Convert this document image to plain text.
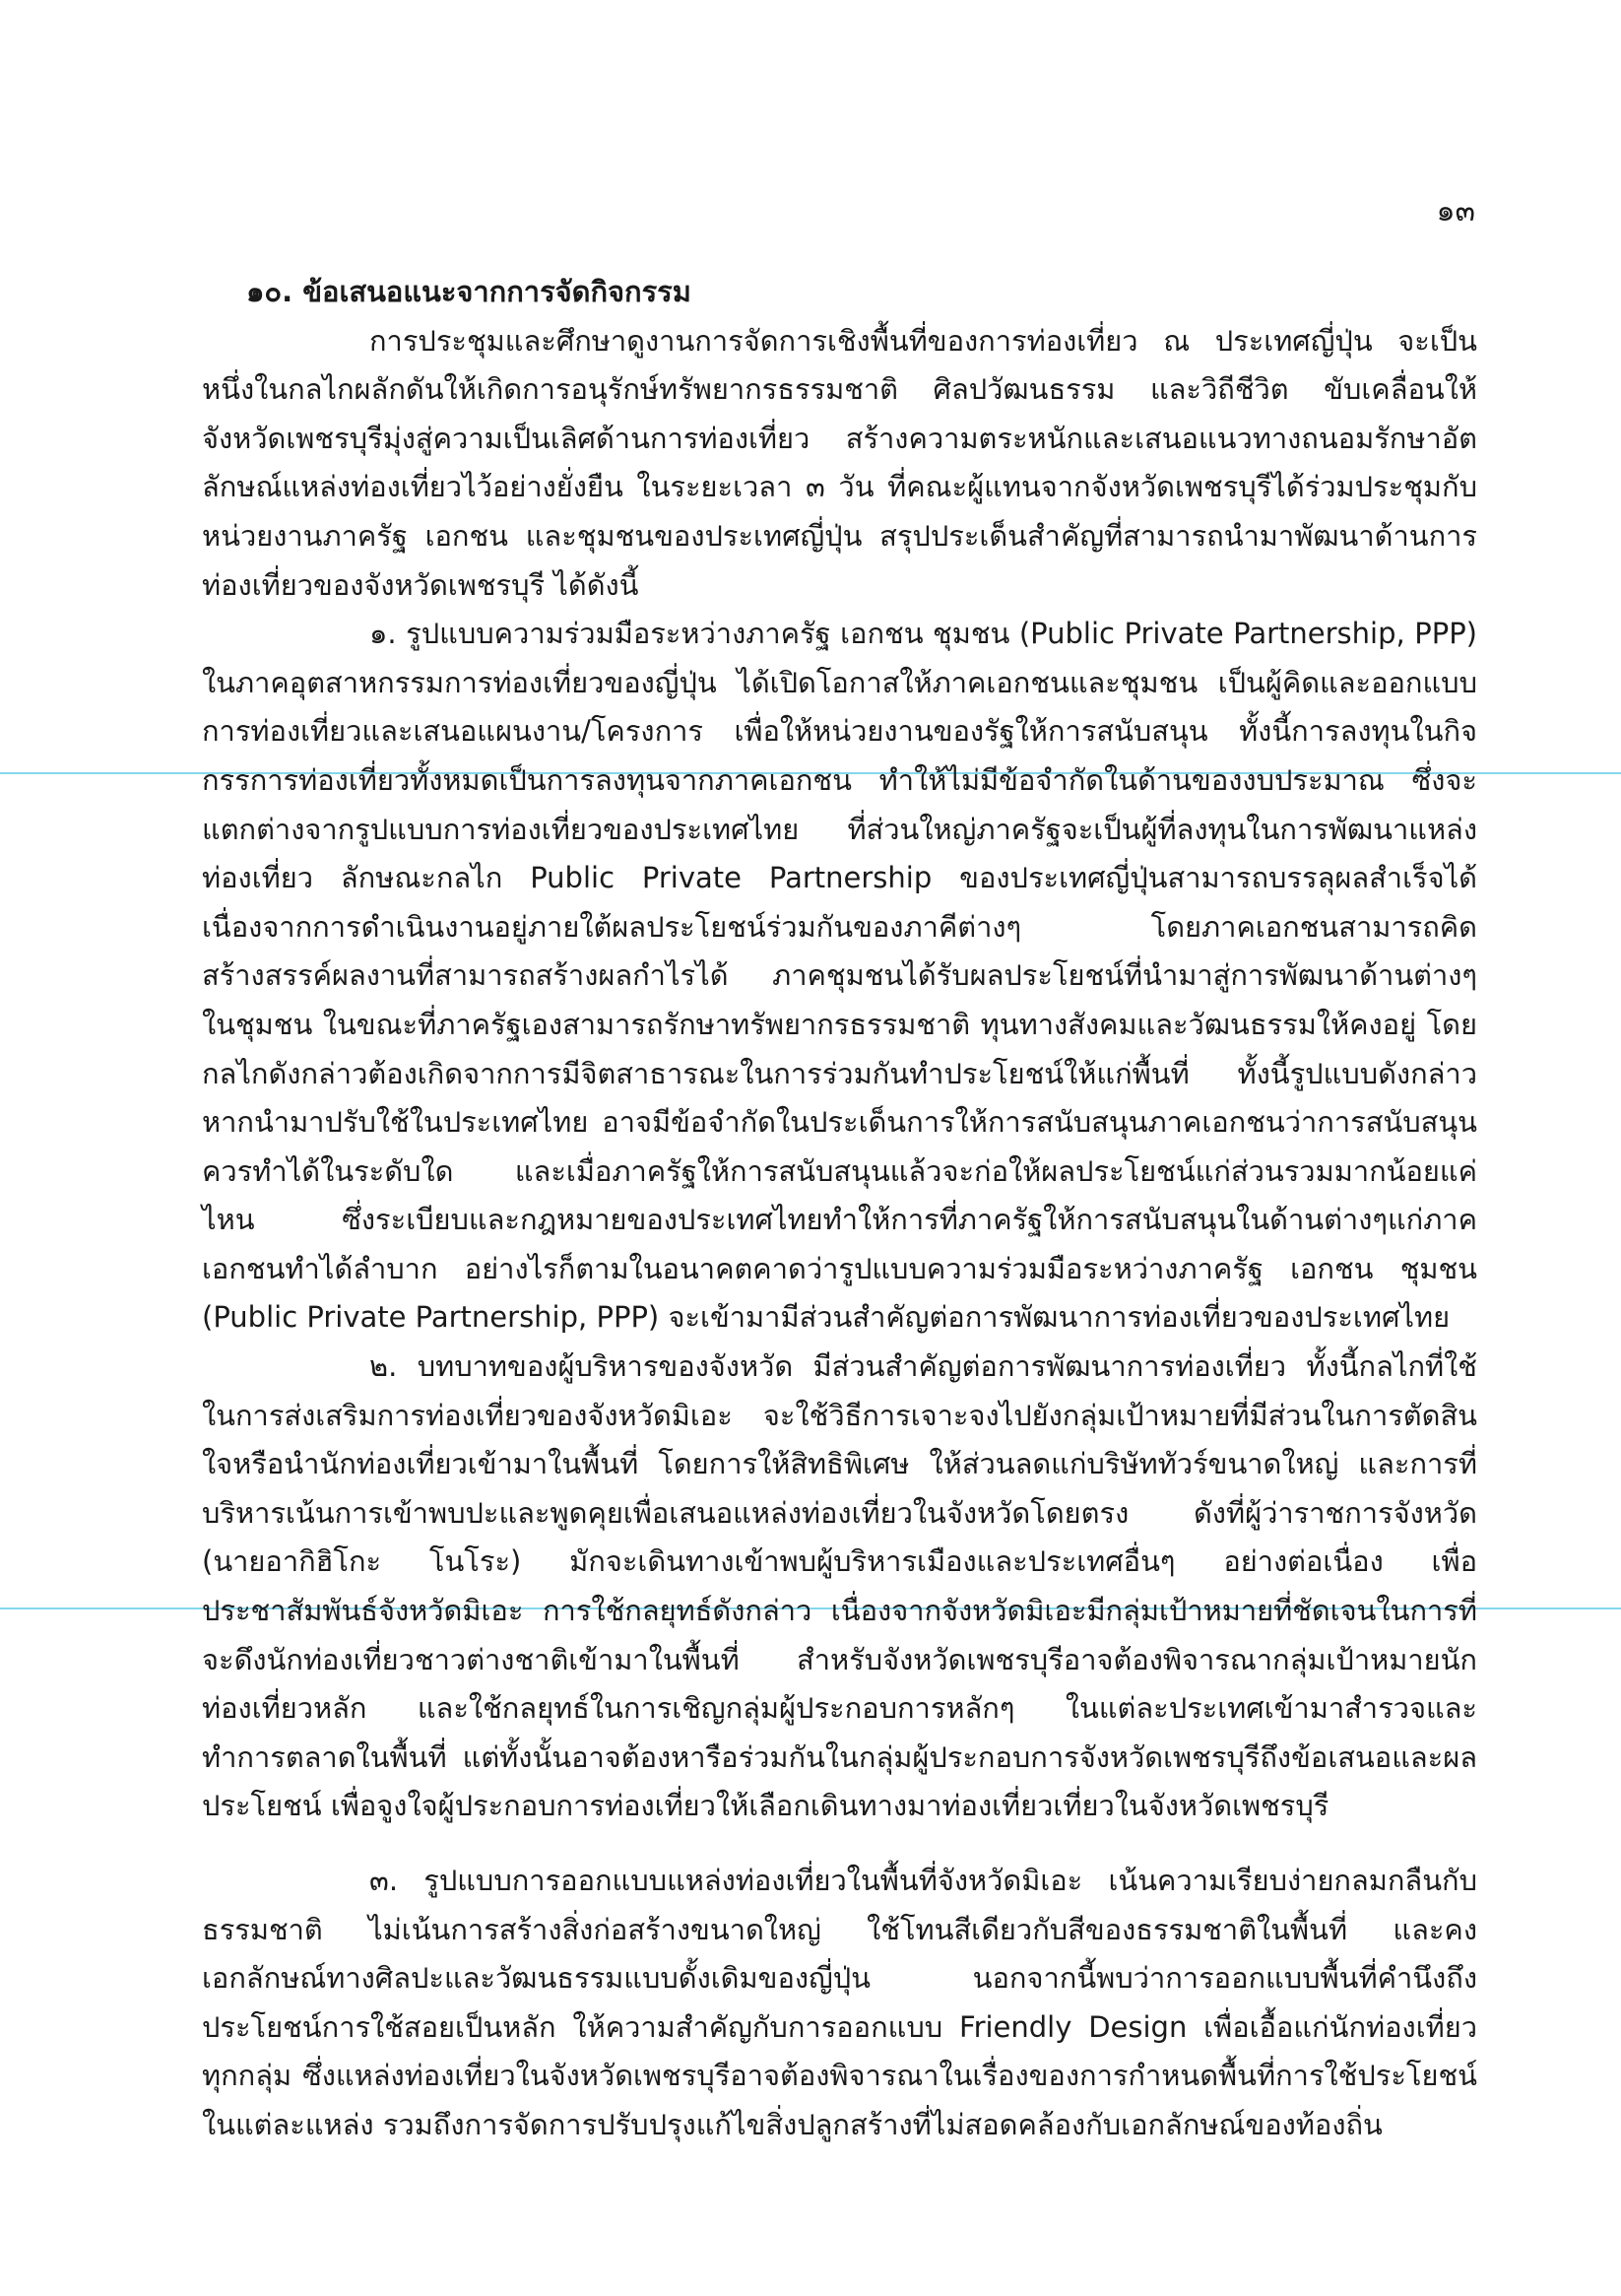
๑๓

๑๐. ข้อเสนอแนะจากการจัดกิจกรรม

การประชุมและศึกษาดูงานการจัดการเชิงพื้นที่ของการท่องเที่ยว ณ ประเทศญี่ปุ่น จะเป็นหนึ่งในกลไกผลักดันให้เกิดการอนุรักษ์ทรัพยากรธรรมชาติ ศิลปวัฒนธรรม และวิถีชีวิต ขับเคลื่อนให้จังหวัดเพชรบุรีมุ่งสู่ความเป็นเลิศด้านการท่องเที่ยว สร้างความตระหนักและเสนอแนวทางถนอมรักษาอัตลักษณ์แหล่งท่องเที่ยวไว้อย่างยั่งยืน ในระยะเวลา ๓ วัน ที่คณะผู้แทนจากจังหวัดเพชรบุรีได้ร่วมประชุมกับหน่วยงานภาครัฐ เอกชน และชุมชนของประเทศญี่ปุ่น สรุปประเด็นสำคัญที่สามารถนำมาพัฒนาด้านการท่องเที่ยวของจังหวัดเพชรบุรี ได้ดังนี้

๑. รูปแบบความร่วมมือระหว่างภาครัฐ เอกชน ชุมชน (Public Private Partnership, PPP) ในภาคอุตสาหกรรมการท่องเที่ยวของญี่ปุ่น ได้เปิดโอกาสให้ภาคเอกชนและชุมชน เป็นผู้คิดและออกแบบการท่องเที่ยวและเสนอแผนงาน/โครงการ เพื่อให้หน่วยงานของรัฐให้การสนับสนุน ทั้งนี้การลงทุนในกิจกรรการท่องเที่ยวทั้งหมดเป็นการลงทุนจากภาคเอกชน ทำให้ไม่มีข้อจำกัดในด้านของงบประมาณ ซึ่งจะแตกต่างจากรูปแบบการท่องเที่ยวของประเทศไทย ที่ส่วนใหญ่ภาครัฐจะเป็นผู้ที่ลงทุนในการพัฒนาแหล่งท่องเที่ยว ลักษณะกลไก Public Private Partnership ของประเทศญี่ปุ่นสามารถบรรลุผลสำเร็จได้เนื่องจากการดำเนินงานอยู่ภายใต้ผลประโยชน์ร่วมกันของภาคีต่างๆ โดยภาคเอกชนสามารถคิดสร้างสรรค์ผลงานที่สามารถสร้างผลกำไรได้ ภาคชุมชนได้รับผลประโยชน์ที่นำมาสู่การพัฒนาด้านต่างๆ ในชุมชน ในขณะที่ภาครัฐเองสามารถรักษาทรัพยากรธรรมชาติ ทุนทางสังคมและวัฒนธรรมให้คงอยู่ โดยกลไกดังกล่าวต้องเกิดจากการมีจิตสาธารณะในการร่วมกันทำประโยชน์ให้แก่พื้นที่ ทั้งนี้รูปแบบดังกล่าวหากนำมาปรับใช้ในประเทศไทย อาจมีข้อจำกัดในประเด็นการให้การสนับสนุนภาคเอกชนว่าการสนับสนุนควรทำได้ในระดับใด และเมื่อภาครัฐให้การสนับสนุนแล้วจะก่อให้ผลประโยชน์แก่ส่วนรวมมากน้อยแค่ไหน ซึ่งระเบียบและกฎหมายของประเทศไทยทำให้การที่ภาครัฐให้การสนับสนุนในด้านต่างๆแก่ภาคเอกชนทำได้ลำบาก อย่างไรก็ตามในอนาคตคาดว่ารูปแบบความร่วมมือระหว่างภาครัฐ เอกชน ชุมชน (Public Private Partnership, PPP) จะเข้ามามีส่วนสำคัญต่อการพัฒนาการท่องเที่ยวของประเทศไทย

๒. บทบาทของผู้บริหารของจังหวัด มีส่วนสำคัญต่อการพัฒนาการท่องเที่ยว ทั้งนี้กลไกที่ใช้ในการส่งเสริมการท่องเที่ยวของจังหวัดมิเอะ จะใช้วิธีการเจาะจงไปยังกลุ่มเป้าหมายที่มีส่วนในการตัดสินใจหรือนำนักท่องเที่ยวเข้ามาในพื้นที่ โดยการให้สิทธิพิเศษ ให้ส่วนลดแก่บริษัททัวร์ขนาดใหญ่ และการที่บริหารเน้นการเข้าพบปะและพูดคุยเพื่อเสนอแหล่งท่องเที่ยวในจังหวัดโดยตรง ดังที่ผู้ว่าราชการจังหวัด (นายอากิฮิโกะ โนโระ) มักจะเดินทางเข้าพบผู้บริหารเมืองและประเทศอื่นๆ อย่างต่อเนื่อง เพื่อประชาสัมพันธ์จังหวัดมิเอะ การใช้กลยุทธ์ดังกล่าว เนื่องจากจังหวัดมิเอะมีกลุ่มเป้าหมายที่ชัดเจนในการที่จะดึงนักท่องเที่ยวชาวต่างชาติเข้ามาในพื้นที่ สำหรับจังหวัดเพชรบุรีอาจต้องพิจารณากลุ่มเป้าหมายนักท่องเที่ยวหลัก และใช้กลยุทธ์ในการเชิญกลุ่มผู้ประกอบการหลักๆ ในแต่ละประเทศเข้ามาสำรวจและทำการตลาดในพื้นที่ แต่ทั้งนั้นอาจต้องหารือร่วมกันในกลุ่มผู้ประกอบการจังหวัดเพชรบุรีถึงข้อเสนอและผลประโยชน์ เพื่อจูงใจผู้ประกอบการท่องเที่ยวให้เลือกเดินทางมาท่องเที่ยวเที่ยวในจังหวัดเพชรบุรี

๓. รูปแบบการออกแบบแหล่งท่องเที่ยวในพื้นที่จังหวัดมิเอะ เน้นความเรียบง่ายกลมกลืนกับธรรมชาติ ไม่เน้นการสร้างสิ่งก่อสร้างขนาดใหญ่ ใช้โทนสีเดียวกับสีของธรรมชาติในพื้นที่ และคงเอกลักษณ์ทางศิลปะและวัฒนธรรมแบบดั้งเดิมของญี่ปุ่น นอกจากนี้พบว่าการออกแบบพื้นที่คำนึงถึงประโยชน์การใช้สอยเป็นหลัก ให้ความสำคัญกับการออกแบบ Friendly Design เพื่อเอื้อแก่นักท่องเที่ยวทุกกลุ่ม ซึ่งแหล่งท่องเที่ยวในจังหวัดเพชรบุรีอาจต้องพิจารณาในเรื่องของการกำหนดพื้นที่การใช้ประโยชน์ในแต่ละแหล่ง รวมถึงการจัดการปรับปรุงแก้ไขสิ่งปลูกสร้างที่ไม่สอดคล้องกับเอกลักษณ์ของท้องถิ่น
